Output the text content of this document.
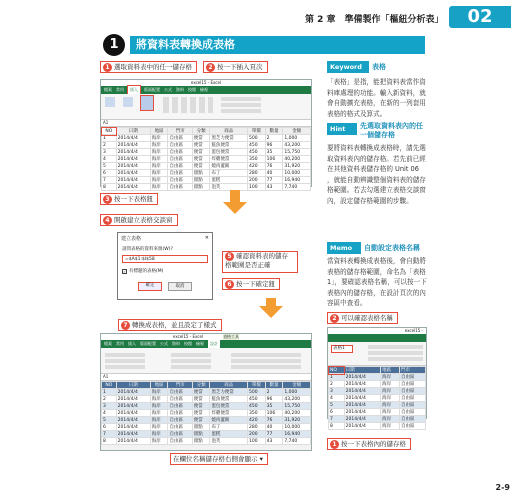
第 2 章　準備製作「樞紐分析表」	02
1	將資料表轉換成表格
1 選取資料表中的任一儲存格	2 按一下插入頁次
excel15 - Excel
檔案 常用	插入	版面配置 公式 資料 校閱 檢視
A1
NO	日期	地區	門市	分類	商品	單價	數量	金額
1	2014/4/4	海岸	自由區	便當	黑芝力便當	500	2	1,000
2	2014/4/4	海岸	自由區	便當	鮭魚便當	450	96	43,200
3	2014/4/4	海岸	自由區	便當	蛋包便當	450	35	15,750
4	2014/4/4	海岸	自由區	便當	炸雞便當	350	106	40,200
5	2014/4/4	海岸	自由區	便當	燒肉蓋飯	420	76	31,920
6	2014/4/4	海岸	自由區	甜點	布丁	280	40	10,000
7	2014/4/4	海岸	自由區	甜點	蛋糕	200	77	16,940
8	2014/4/4	海岸	自由區	甜點	泡芙	100	43	7,740
3 按一下表格鈕
4 開啟建立表格交談窗
建立表格	✕
請問表格的資料來源(W)?
=$A$1:$I$58
✓ 有標題的表格(M)
確定	取消
5 確認資料表的儲存格範圍是否正確
6 按一下確定鈕
7 轉換成表格，並且設定了樣式
excel15 - Excel	表格工具
檔案 常用 插入 版面配置 公式 資料 校閱 檢視	設計
A1
NO	日期	地區	門市	分類	商品	單價	數量	金額
1	2014/4/4	海岸	自由區	便當	黑芝力便當	500	2	1,000
2	2014/4/4	海岸	自由區	便當	鮭魚便當	450	96	43,200
3	2014/4/4	海岸	自由區	便當	蛋包便當	450	35	15,750
4	2014/4/4	海岸	自由區	便當	炸雞便當	350	106	40,200
5	2014/4/4	海岸	自由區	便當	燒肉蓋飯	420	76	31,920
6	2014/4/4	海岸	自由區	甜點	布丁	280	40	10,000
7	2014/4/4	海岸	自由區	甜點	蛋糕	200	77	16,940
8	2014/4/4	海岸	自由區	甜點	泡芙	100	43	7,740
在欄位名稱儲存格右側會顯示 ▾
Keyword	表格
「表格」是指，能把資料表當作資料庫處理的功能。輸入新資料，就會自動擴充表格，在新的一列套用表格的格式及算式。
Hint	先選取資料表內的任一個儲存格
要將資料表轉換成表格時，請先選取資料表內的儲存格。若先前已經在其他資料表儲存格的 Unit 06 ，就能自動辨識整個資料表的儲存格範圍。若去勾選建立表格交談窗內，設定儲存格範圍的步驟。
Memo	自動設定表格名稱
當資料表轉換成表格後，會自動將表格的儲存格範圍，命名為「表格1」，要確認表格名稱，可以按一下表格內的儲存格，在設計頁次的內容區中查看。
2 可以確認表格名稱
excel15 -
表格1
NO	日期	地區	門市
1	2014/4/4	海岸	自由區
2	2014/4/4	海岸	自由區
3	2014/4/4	海岸	自由區
4	2014/4/4	海岸	自由區
5	2014/4/4	海岸	自由區
6	2014/4/4	海岸	自由區
7	2014/4/4	海岸	自由區
8	2014/4/4	海岸	自由區
1 按一下表格內的儲存格
2-9
